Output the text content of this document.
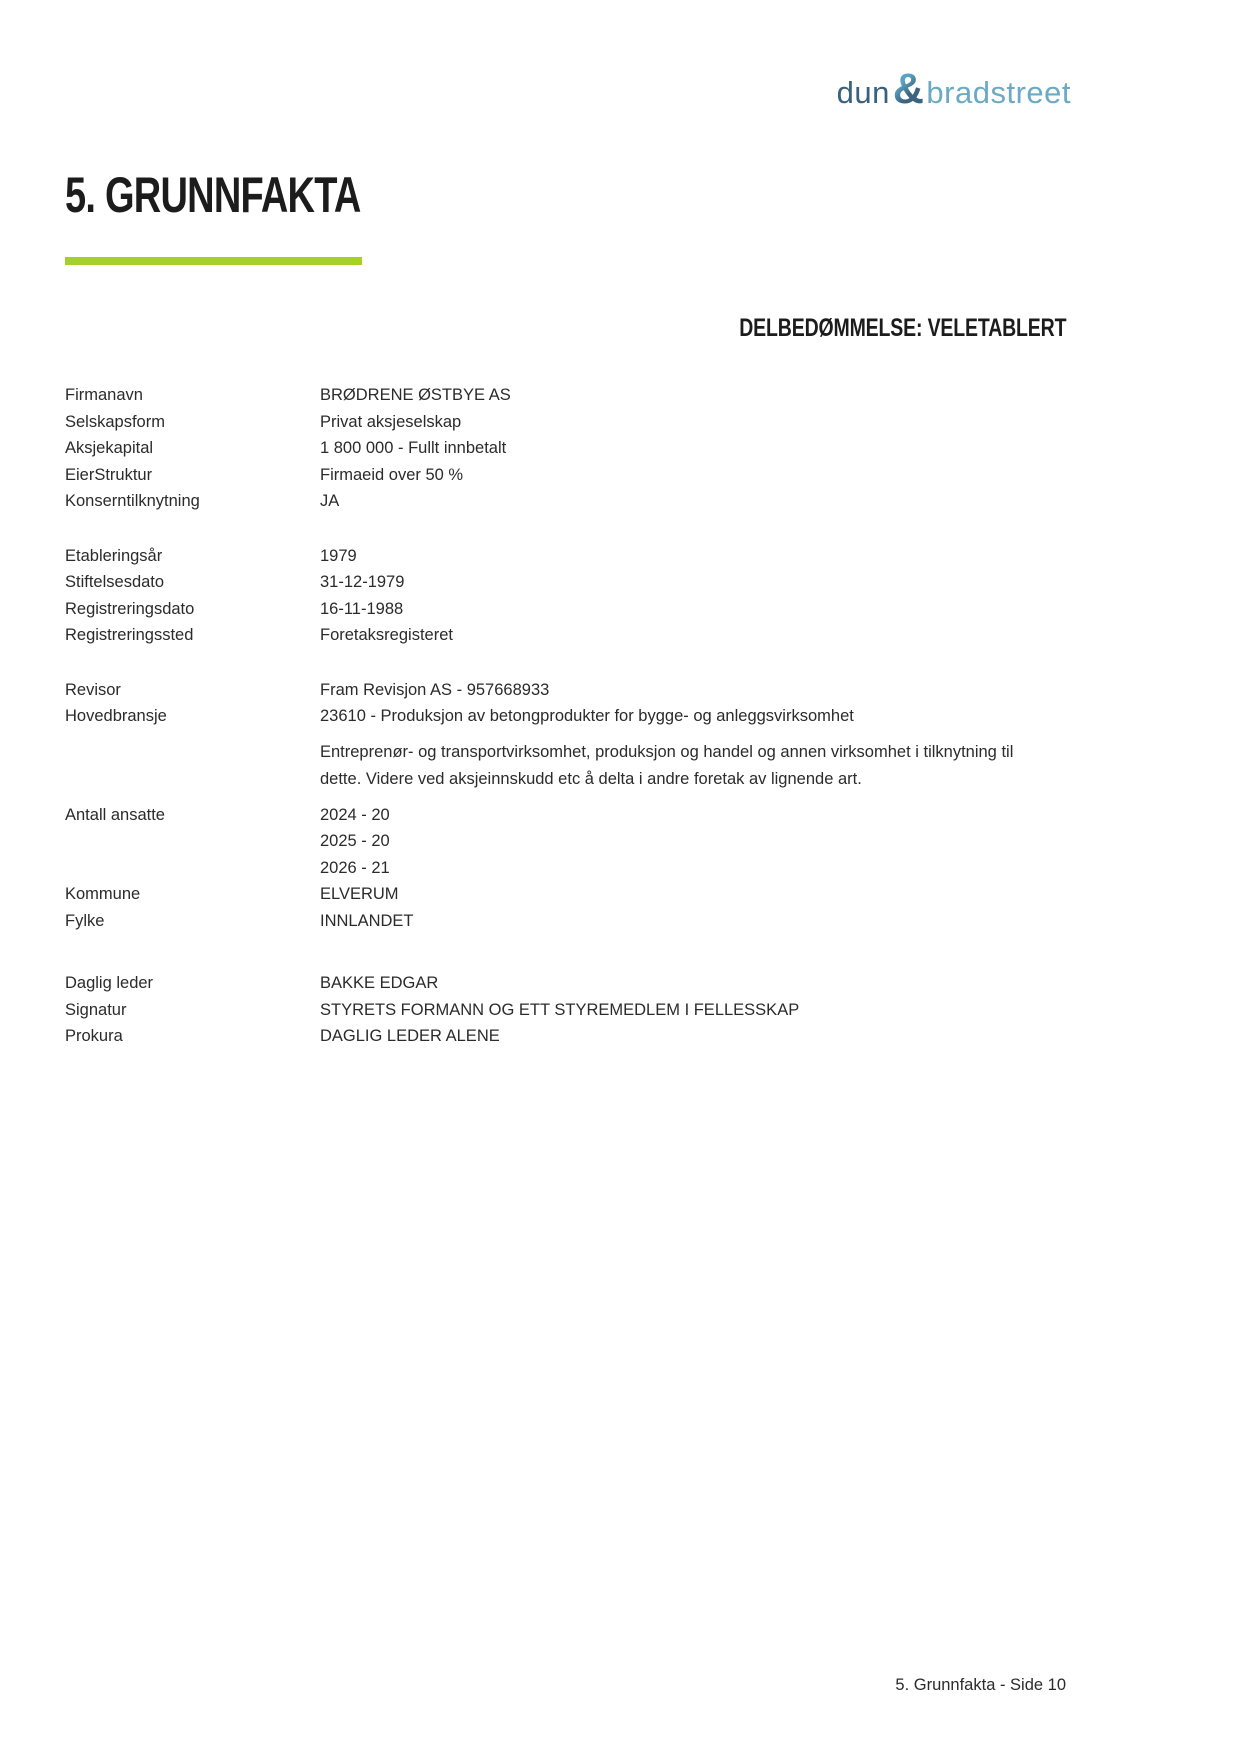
dun & bradstreet
5. GRUNNFAKTA
DELBEDØMMELSE: VELETABLERT
Firmanavn	BRØDRENE ØSTBYE AS
Selskapsform	Privat aksjeselskap
Aksjekapital	1 800 000 - Fullt innbetalt
EierStruktur	Firmaeid over 50 %
Konserntilknytning	JA
Etableringsår	1979
Stiftelsesdato	31-12-1979
Registreringsdato	16-11-1988
Registreringssted	Foretaksregisteret
Revisor	Fram Revisjon AS - 957668933
Hovedbransje	23610 - Produksjon av betongprodukter for bygge- og anleggsvirksomhet
Entreprenør- og transportvirksomhet, produksjon og handel og annen virksomhet i tilknytning til dette. Videre ved aksjeinnskudd etc å delta i andre foretak av lignende art.
Antall ansatte	2024 - 20
2025 - 20
2026 - 21
Kommune	ELVERUM
Fylke	INNLANDET
Daglig leder	BAKKE EDGAR
Signatur	STYRETS FORMANN OG ETT STYREMEDLEM I FELLESSKAP
Prokura	DAGLIG LEDER ALENE
5. Grunnfakta - Side 10
